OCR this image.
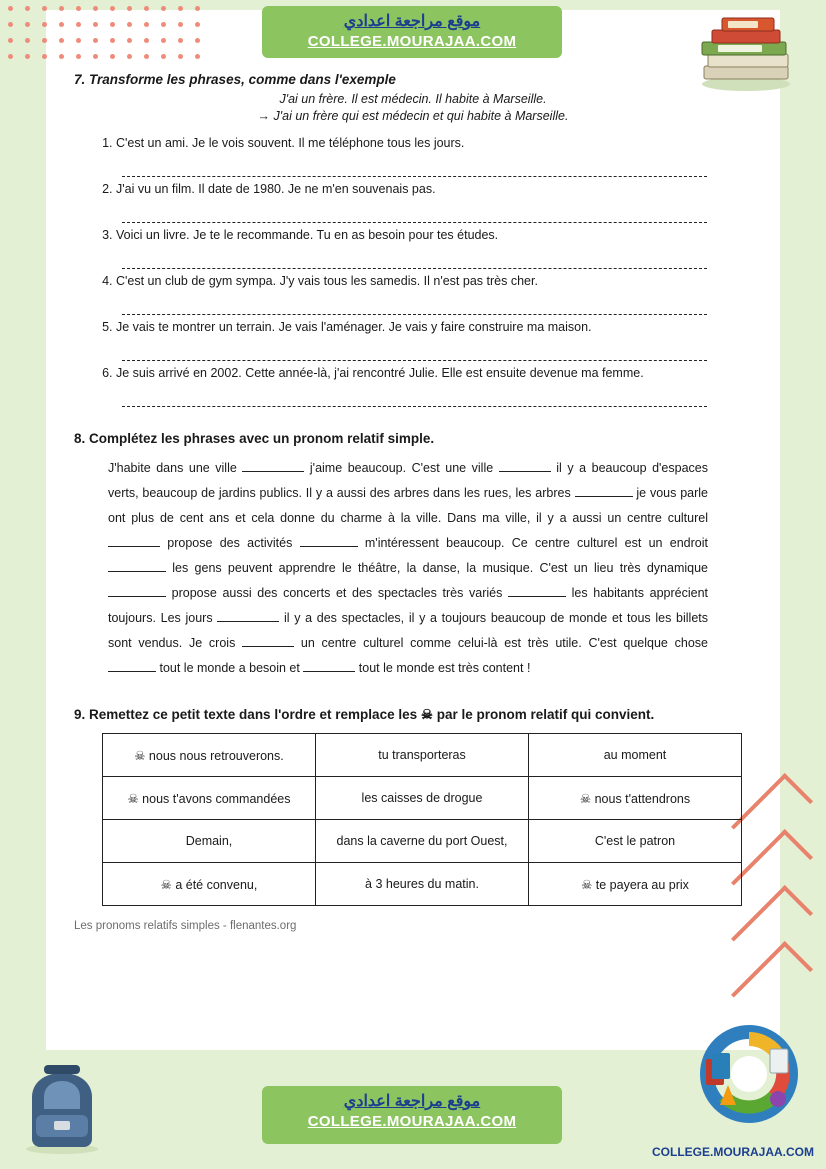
موقع مراجعة اعدادي
COLLEGE.MOURAJAA.COM
7. Transforme les phrases, comme dans l'exemple
J'ai un frère. Il est médecin. Il habite à Marseille.
→ J'ai un frère qui est médecin et qui habite à Marseille.
1. C'est un ami. Je le vois souvent. Il me téléphone tous les jours.
2. J'ai vu un film. Il date de 1980. Je ne m'en souvenais pas.
3. Voici un livre. Je te le recommande. Tu en as besoin pour tes études.
4. C'est un club de gym sympa. J'y vais tous les samedis. Il n'est pas très cher.
5. Je vais te montrer un terrain. Je vais l'aménager. Je vais y faire construire ma maison.
6. Je suis arrivé en 2002. Cette année-là, j'ai rencontré Julie. Elle est ensuite devenue ma femme.
8. Complétez les phrases avec un pronom relatif simple.

J'habite dans une ville	j'aime beaucoup. C'est une ville	il y a beaucoup d'espaces verts, beaucoup de jardins publics. Il y a aussi des arbres dans les rues, les arbres	je vous parle ont plus de cent ans et cela donne du charme à la ville. Dans ma ville, il y a aussi un centre culturel  propose des activités	m'intéressent beaucoup. Ce centre culturel est un endroit  les gens peuvent apprendre le théâtre, la danse, la musique. C'est un lieu très dynamique  propose aussi des concerts et des spectacles très variés	les habitants apprécient toujours. Les jours	il y a des spectacles, il y a toujours beaucoup de monde et tous les billets sont vendus. Je crois	un centre culturel comme celui-là est très utile. C'est quelque chose  tout le monde a besoin et	tout le monde est très content !

9. Remettez ce petit texte dans l'ordre et remplace les ☠ par le pronom relatif qui convient.
☠ nous nous retrouverons.	tu transporteras	au moment
☠ nous t'avons commandées	les caisses de drogue	☠ nous t'attendrons
Demain,	dans la caverne du port Ouest,	C'est le patron
☠ a été convenu,	à 3 heures du matin.	☠ te payera au prix
Les pronoms relatifs simples - flenantes.org
موقع مراجعة اعدادي
COLLEGE.MOURAJAA.COM
COLLEGE.MOURAJAA.COM
